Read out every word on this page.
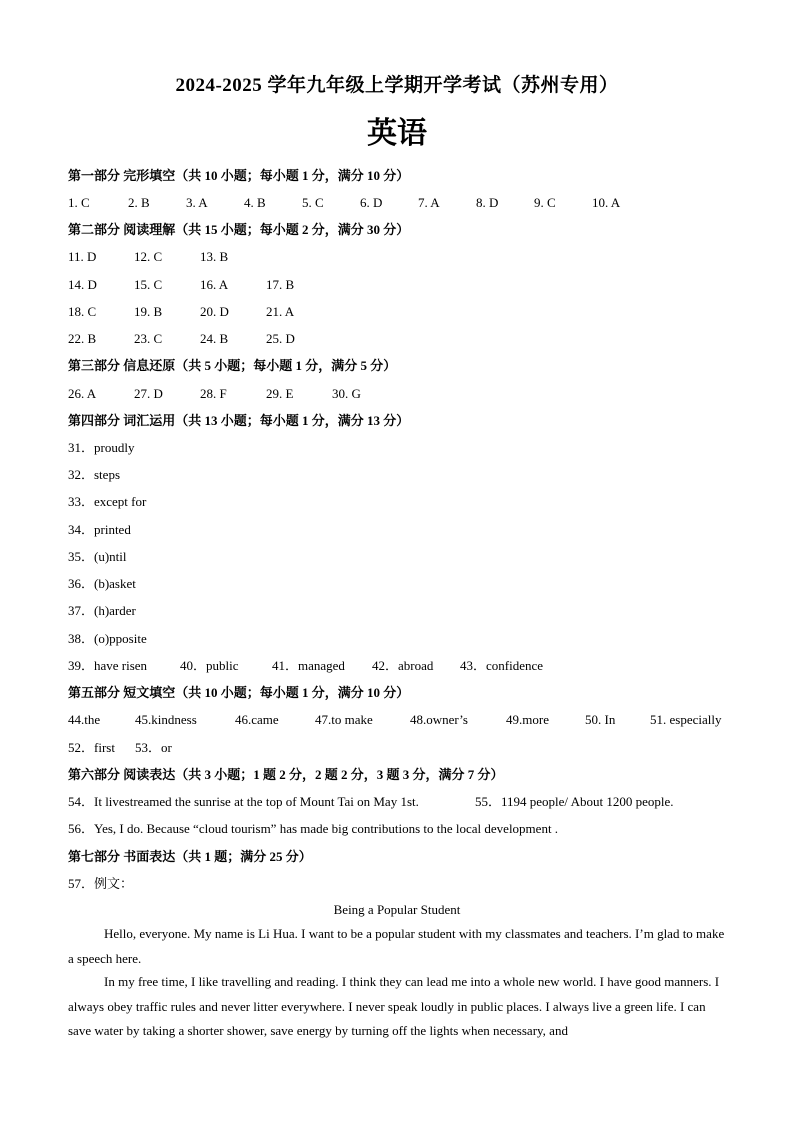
2024-2025 学年九年级上学期开学考试（苏州专用）
英语
第一部分 完形填空（共 10 小题；每小题 1 分，满分 10 分）
1. C	2. B	3. A	4. B	5. C	6. D	7. A	8. D	9. C	10. A
第二部分 阅读理解（共 15 小题；每小题 2 分，满分 30 分）
11. D	12. C	13. B
14. D	15. C	16. A	17. B
18. C	19. B	20. D	21. A
22. B	23. C	24. B	25. D
第三部分 信息还原（共 5 小题；每小题 1 分，满分 5 分）
26. A	27. D	28. F	29. E	30. G
第四部分 词汇运用（共 13 小题；每小题 1 分，满分 13 分）
31．proudly
32．steps
33．except for
34．printed
35．(u)ntil
36．(b)asket
37．(h)arder
38．(o)pposite
39．have risen	40．public	41．managed 42．abroad 43．confidence
第五部分 短文填空（共 10 小题；每小题 1 分，满分 10 分）
44.the	45.kindness	46.came	47.to make	48.owner’s	49.more	50. In	51. especially
52．first 53．or
第六部分 阅读表达（共 3 小题；1 题 2 分，2 题 2 分，3 题 3 分，满分 7 分）
54．It livestreamed the sunrise at the top of Mount Tai on May 1st.	55．1194 people/ About 1200 people.
56．Yes, I do. Because “cloud tourism” has made big contributions to the local development .
第七部分 书面表达（共 1 题；满分 25 分）
57．例文：
Being a Popular Student
Hello, everyone. My name is Li Hua. I want to be a popular student with my classmates and teachers. I’m glad to make a speech here.
In my free time, I like travelling and reading. I think they can lead me into a whole new world. I have good manners. I always obey traffic rules and never litter everywhere. I never speak loudly in public places. I always live a green life. I can save water by taking a shorter shower, save energy by turning off the lights when necessary, and
